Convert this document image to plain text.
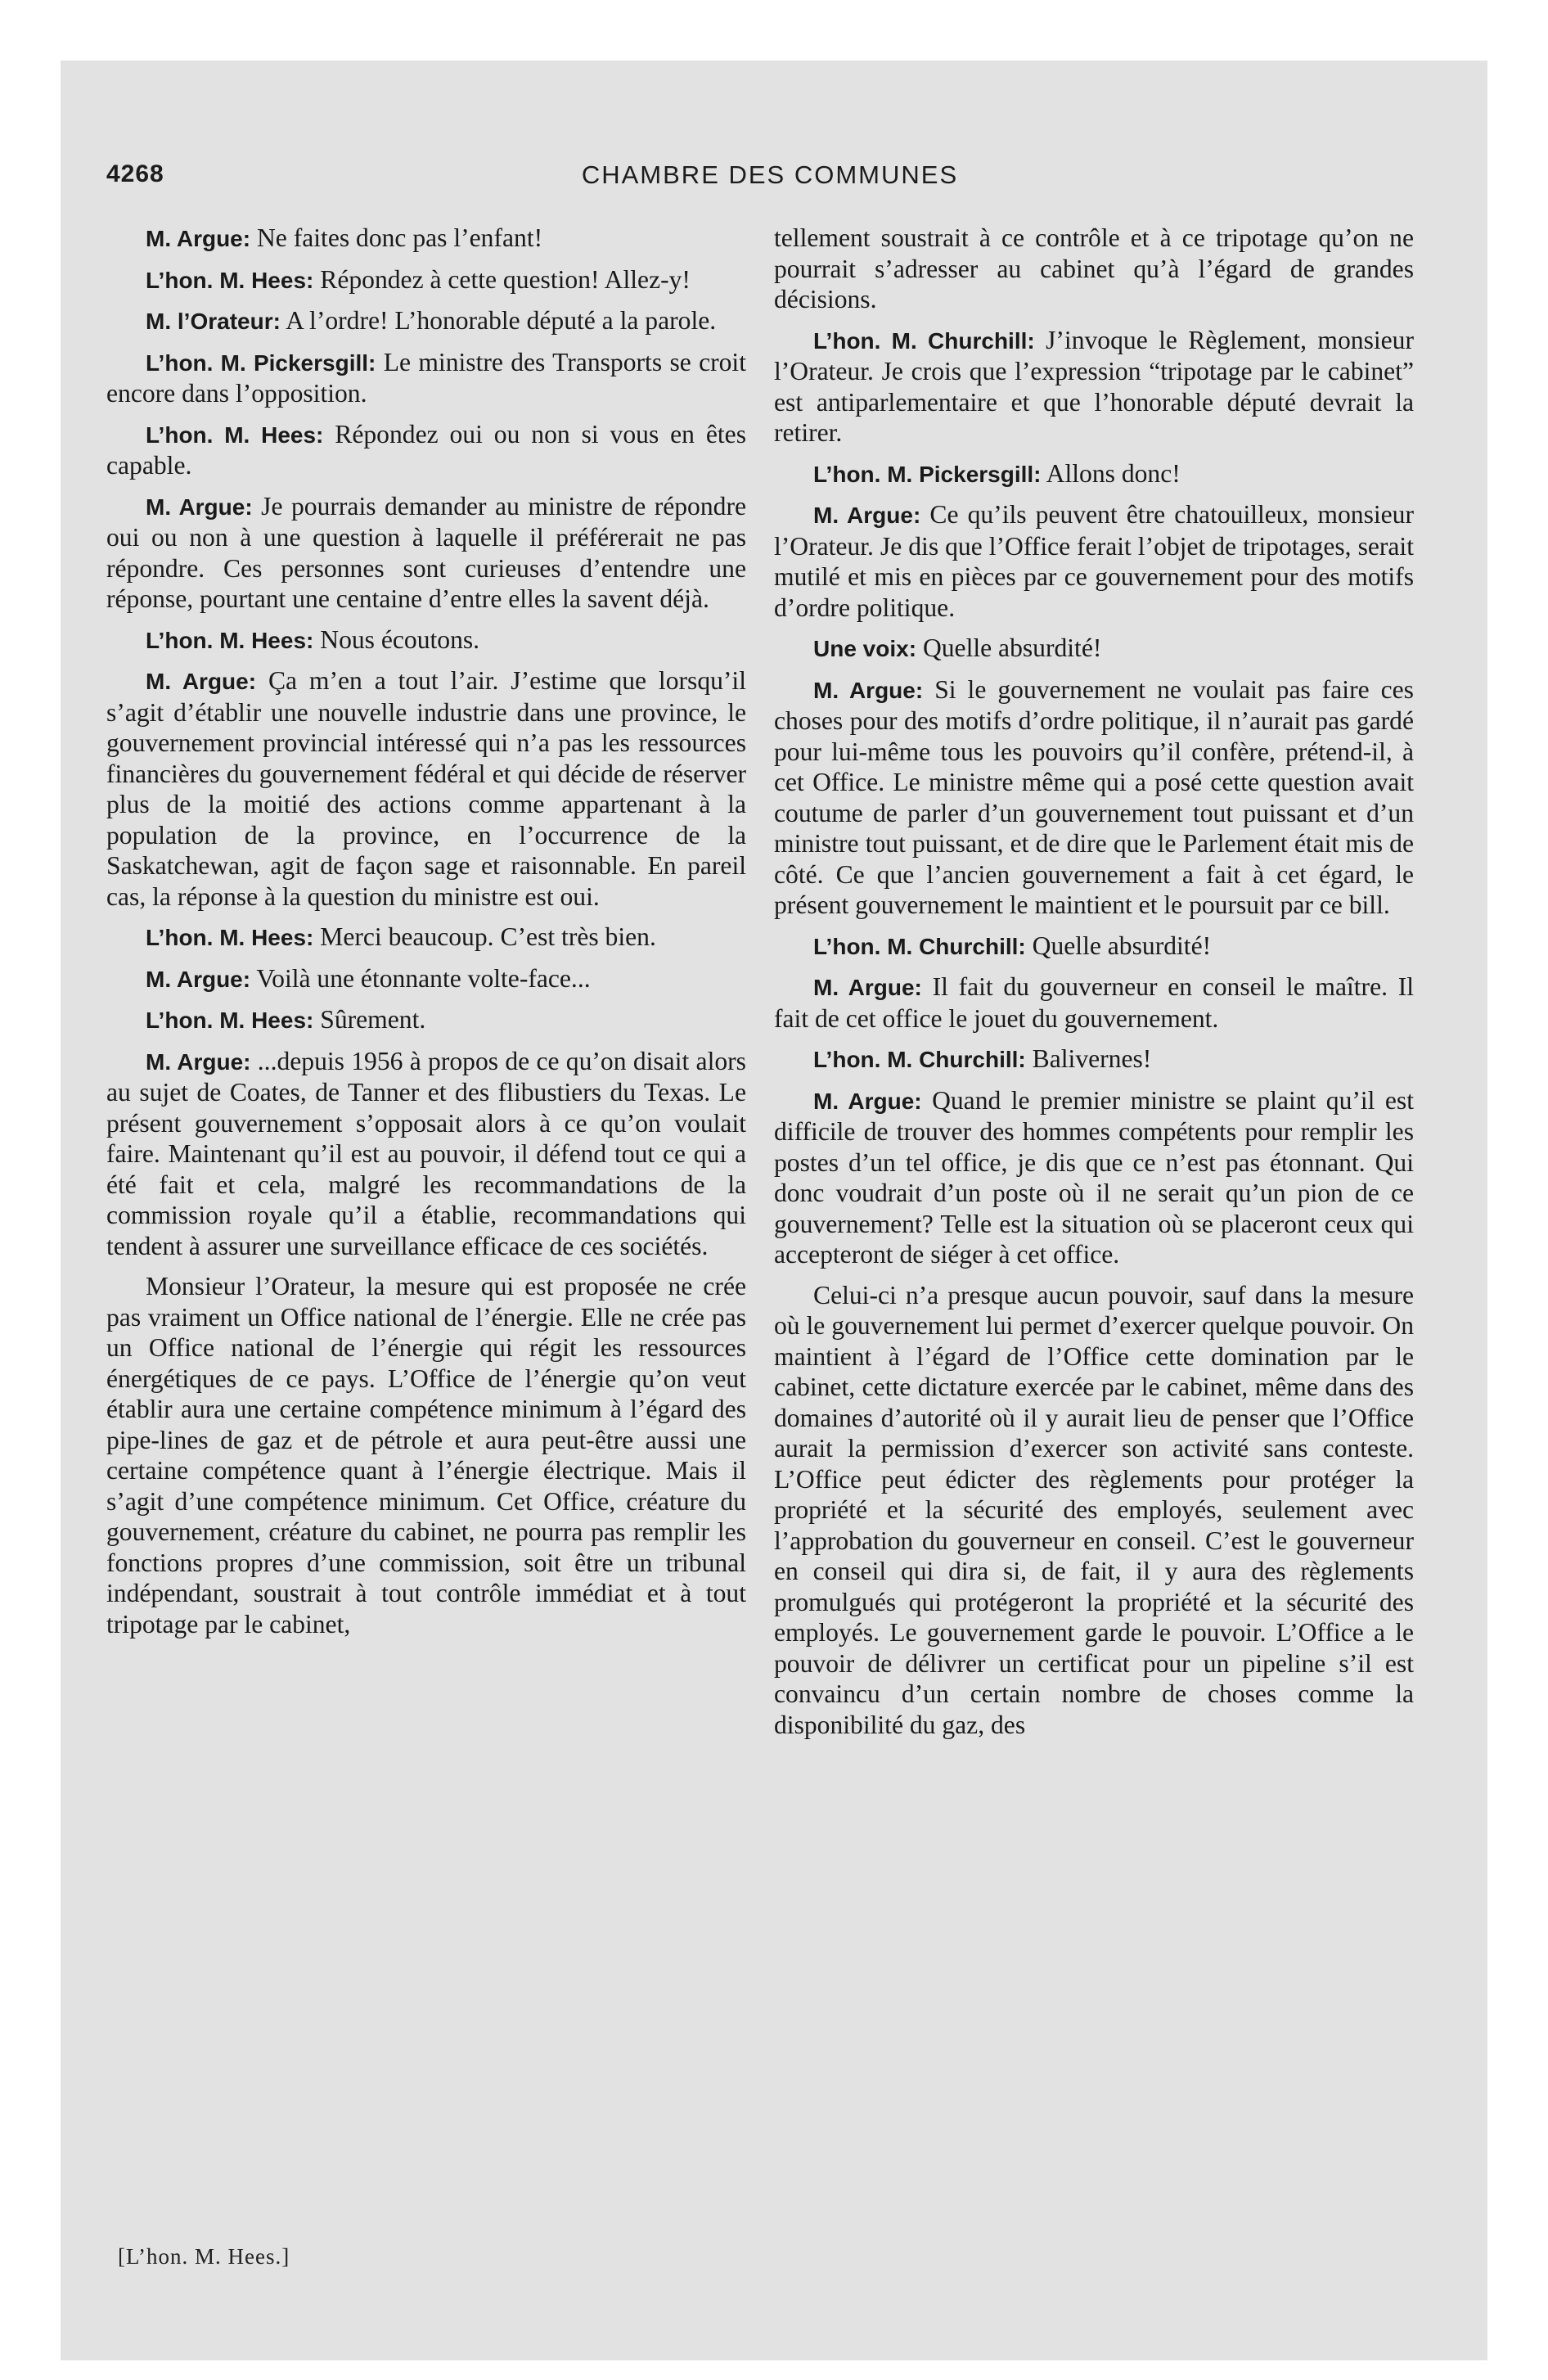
4268	CHAMBRE DES COMMUNES

M. Argue: Ne faites donc pas l’enfant!

L’hon. M. Hees: Répondez à cette question! Allez-y!

M. l’Orateur: A l’ordre! L’honorable député a la parole.

L’hon. M. Pickersgill: Le ministre des Transports se croit encore dans l’opposition.

L’hon. M. Hees: Répondez oui ou non si vous en êtes capable.

M. Argue: Je pourrais demander au ministre de répondre oui ou non à une question à laquelle il préférerait ne pas répondre. Ces personnes sont curieuses d’entendre une réponse, pourtant une centaine d’entre elles la savent déjà.

L’hon. M. Hees: Nous écoutons.

M. Argue: Ça m’en a tout l’air. J’estime que lorsqu’il s’agit d’établir une nouvelle industrie dans une province, le gouvernement provincial intéressé qui n’a pas les ressources financières du gouvernement fédéral et qui décide de réserver plus de la moitié des actions comme appartenant à la population de la province, en l’occurrence de la Saskatchewan, agit de façon sage et raisonnable. En pareil cas, la réponse à la question du ministre est oui.

L’hon. M. Hees: Merci beaucoup. C’est très bien.

M. Argue: Voilà une étonnante volte-face...

L’hon. M. Hees: Sûrement.

M. Argue: ...depuis 1956 à propos de ce qu’on disait alors au sujet de Coates, de Tanner et des flibustiers du Texas. Le présent gouvernement s’opposait alors à ce qu’on voulait faire. Maintenant qu’il est au pouvoir, il défend tout ce qui a été fait et cela, malgré les recommandations de la commission royale qu’il a établie, recommandations qui tendent à assurer une surveillance efficace de ces sociétés.

Monsieur l’Orateur, la mesure qui est proposée ne crée pas vraiment un Office national de l’énergie. Elle ne crée pas un Office national de l’énergie qui régit les ressources énergétiques de ce pays. L’Office de l’énergie qu’on veut établir aura une certaine compétence minimum à l’égard des pipe-lines de gaz et de pétrole et aura peut-être aussi une certaine compétence quant à l’énergie électrique. Mais il s’agit d’une compétence minimum. Cet Office, créature du gouvernement, créature du cabinet, ne pourra pas remplir les fonctions propres d’une commission, soit être un tribunal indépendant, soustrait à tout contrôle immédiat et à tout tripotage par le cabinet,

tellement soustrait à ce contrôle et à ce tripotage qu’on ne pourrait s’adresser au cabinet qu’à l’égard de grandes décisions.

L’hon. M. Churchill: J’invoque le Règlement, monsieur l’Orateur. Je crois que l’expression “tripotage par le cabinet” est antiparlementaire et que l’honorable député devrait la retirer.

L’hon. M. Pickersgill: Allons donc!

M. Argue: Ce qu’ils peuvent être chatouilleux, monsieur l’Orateur. Je dis que l’Office ferait l’objet de tripotages, serait mutilé et mis en pièces par ce gouvernement pour des motifs d’ordre politique.

Une voix: Quelle absurdité!

M. Argue: Si le gouvernement ne voulait pas faire ces choses pour des motifs d’ordre politique, il n’aurait pas gardé pour lui-même tous les pouvoirs qu’il confère, prétend-il, à cet Office. Le ministre même qui a posé cette question avait coutume de parler d’un gouvernement tout puissant et d’un ministre tout puissant, et de dire que le Parlement était mis de côté. Ce que l’ancien gouvernement a fait à cet égard, le présent gouvernement le maintient et le poursuit par ce bill.

L’hon. M. Churchill: Quelle absurdité!

M. Argue: Il fait du gouverneur en conseil le maître. Il fait de cet office le jouet du gouvernement.

L’hon. M. Churchill: Balivernes!

M. Argue: Quand le premier ministre se plaint qu’il est difficile de trouver des hommes compétents pour remplir les postes d’un tel office, je dis que ce n’est pas étonnant. Qui donc voudrait d’un poste où il ne serait qu’un pion de ce gouvernement? Telle est la situation où se placeront ceux qui accepteront de siéger à cet office.

Celui-ci n’a presque aucun pouvoir, sauf dans la mesure où le gouvernement lui permet d’exercer quelque pouvoir. On maintient à l’égard de l’Office cette domination par le cabinet, cette dictature exercée par le cabinet, même dans des domaines d’autorité où il y aurait lieu de penser que l’Office aurait la permission d’exercer son activité sans conteste. L’Office peut édicter des règlements pour protéger la propriété et la sécurité des employés, seulement avec l’approbation du gouverneur en conseil. C’est le gouverneur en conseil qui dira si, de fait, il y aura des règlements promulgués qui protégeront la propriété et la sécurité des employés. Le gouvernement garde le pouvoir. L’Office a le pouvoir de délivrer un certificat pour un pipeline s’il est convaincu d’un certain nombre de choses comme la disponibilité du gaz, des

[L’hon. M. Hees.]
